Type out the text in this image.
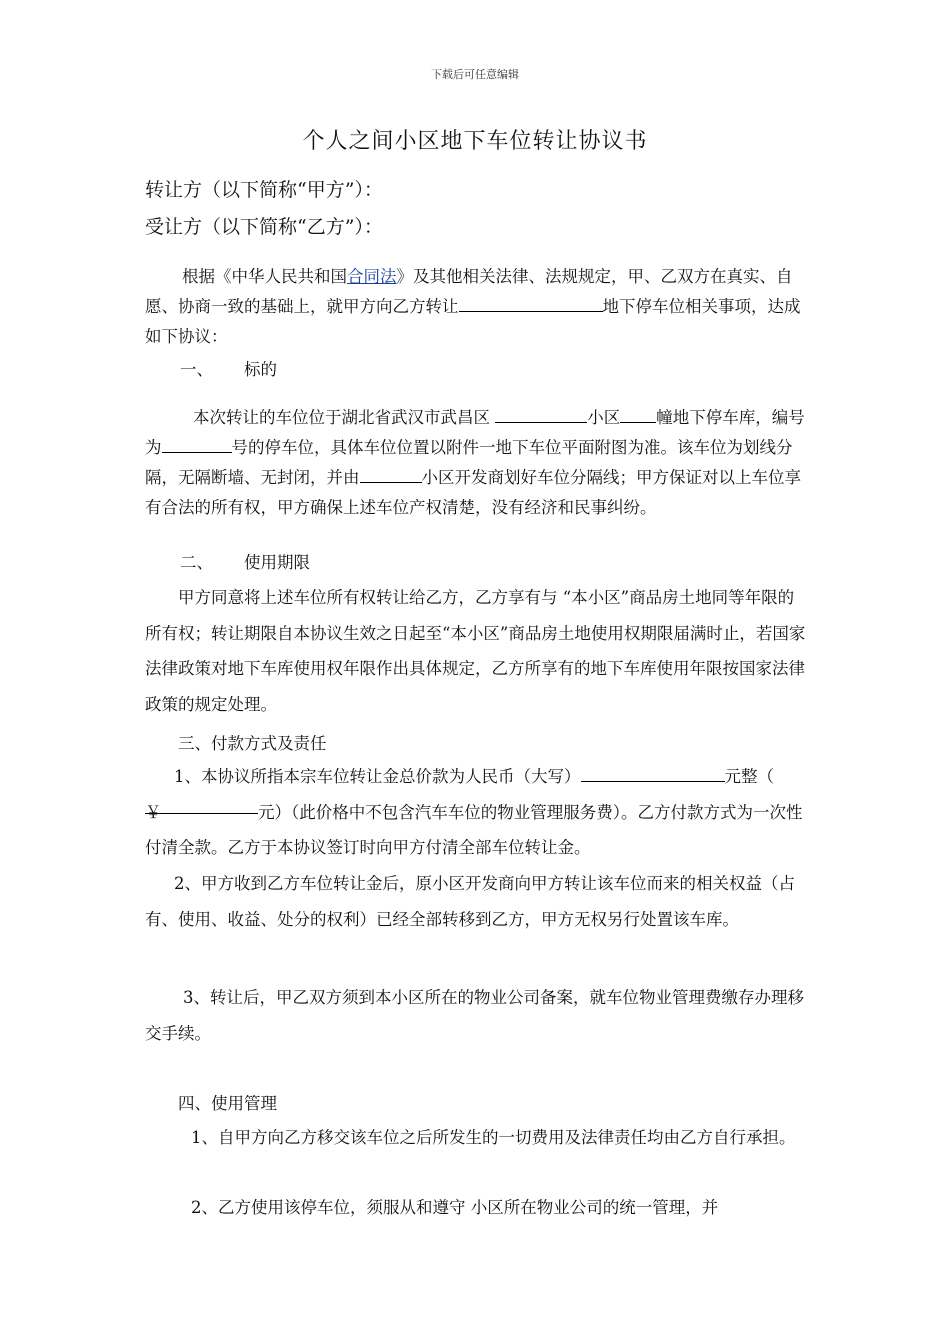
下载后可任意编辑
个人之间小区地下车位转让协议书
转让方（以下简称“甲方”）：
受让方（以下简称“乙方”）：

根据《中华人民共和国合同法》及其他相关法律、法规规定，甲、乙双方在真实、自愿、协商一致的基础上，就甲方向乙方转让	地下停车位相关事项，达成如下协议：

一、 标的

本次转让的车位位于湖北省武汉市武昌区	小区 幢地下停车库，编号为	号的停车位，具体车位位置以附件一地下车位平面附图为准。该车位为划线分隔，无隔断墙、无封闭，并由	小区开发商划好车位分隔线；甲方保证对以上车位享有合法的所有权，甲方确保上述车位产权清楚，没有经济和民事纠纷。

二、 使用期限

甲方同意将上述车位所有权转让给乙方，乙方享有与 “本小区”商品房土地同等年限的所有权；转让期限自本协议生效之日起至“本小区”商品房土地使用权期限届满时止，若国家法律政策对地下车库使用权年限作出具体规定，乙方所享有的地下车库使用年限按国家法律政策的规定处理。

三、付款方式及责任

1、本协议所指本宗车位转让金总价款为人民币（大写）	元整（￥	元）（此价格中不包含汽车车位的物业管理服务费）。乙方付款方式为一次性付清全款。乙方于本协议签订时向甲方付清全部车位转让金。

2、甲方收到乙方车位转让金后，原小区开发商向甲方转让该车位而来的相关权益（占有、使用、收益、处分的权利）已经全部转移到乙方，甲方无权另行处置该车库。

3、转让后，甲乙双方须到本小区所在的物业公司备案，就车位物业管理费缴存办理移交手续。

四、使用管理

1、自甲方向乙方移交该车位之后所发生的一切费用及法律责任均由乙方自行承担。

2、乙方使用该停车位，须服从和遵守 小区所在物业公司的统一管理，并
